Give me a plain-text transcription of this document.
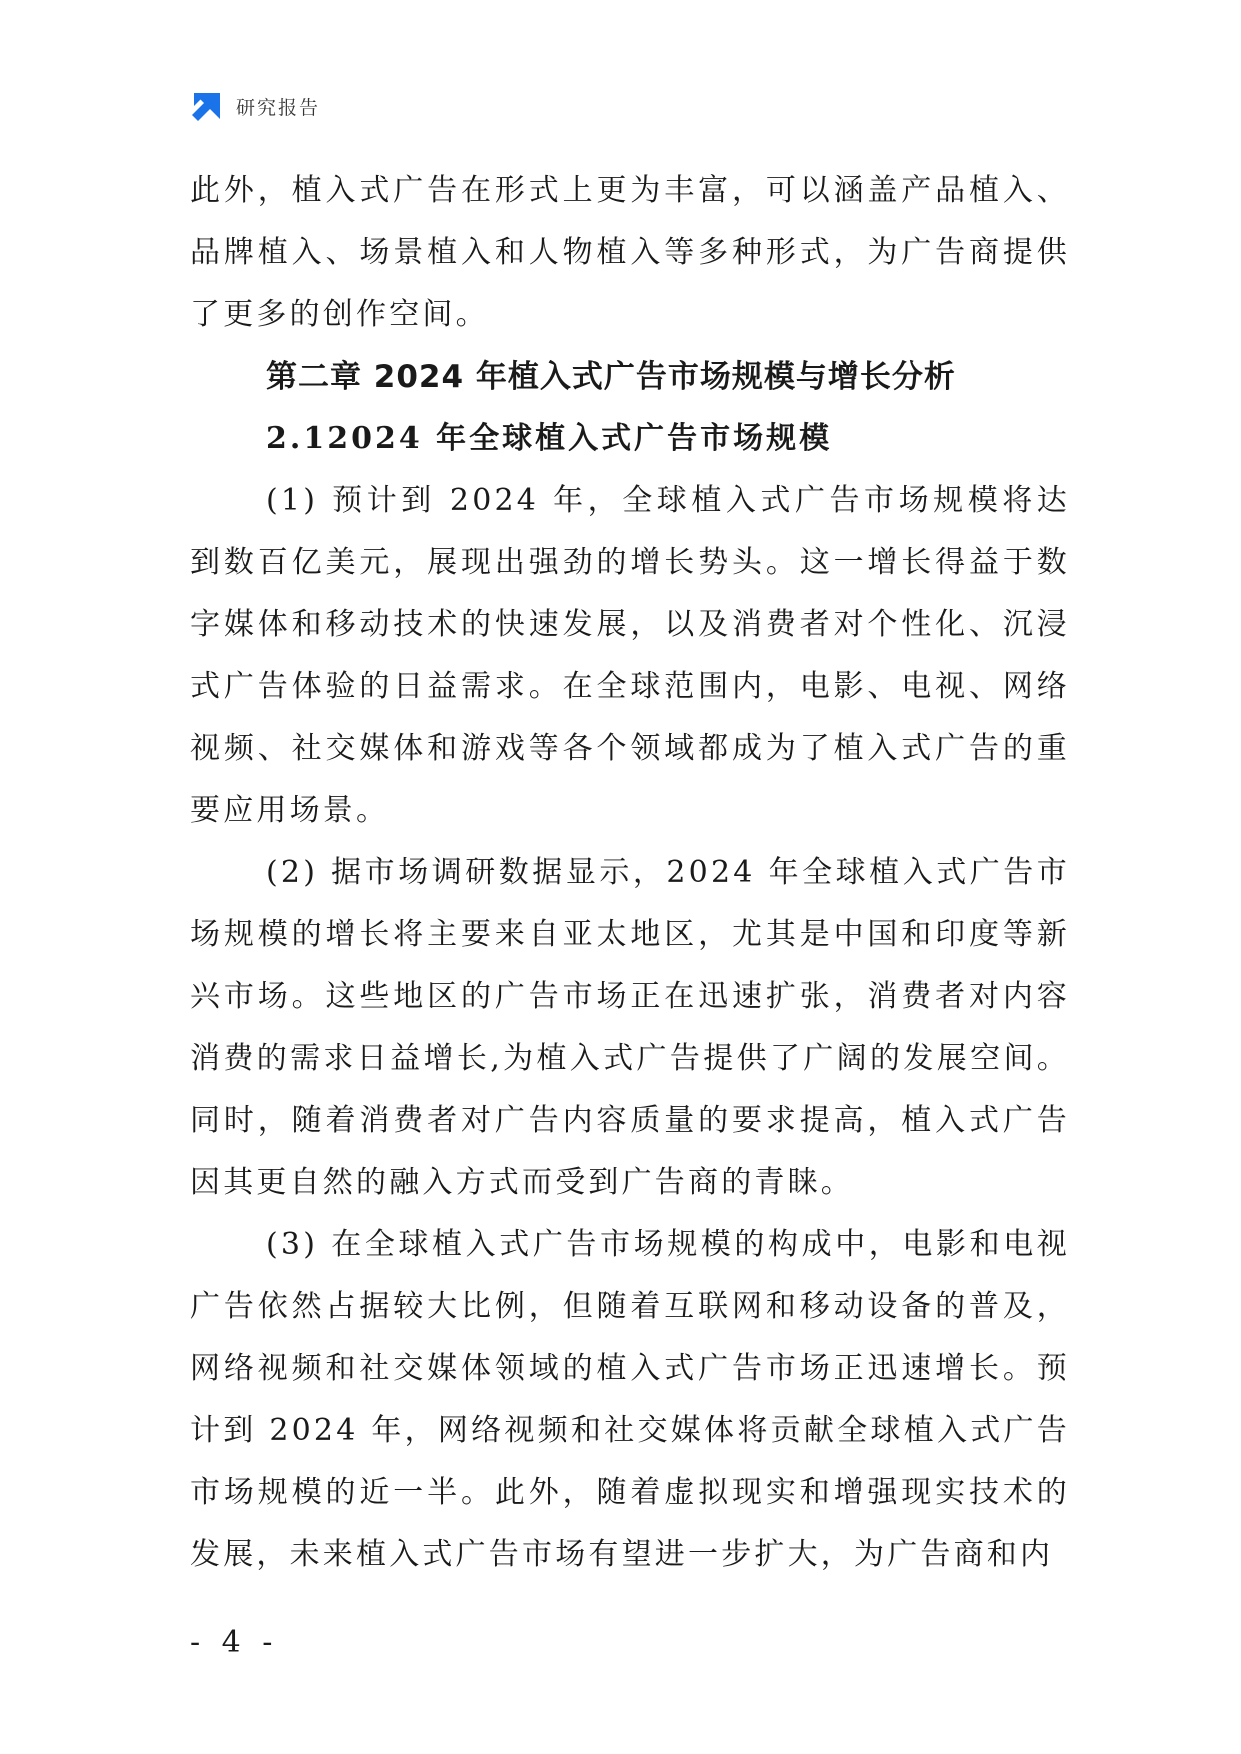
研究报告

此外，植入式广告在形式上更为丰富，可以涵盖产品植入、品牌植入、场景植入和人物植入等多种形式，为广告商提供了更多的创作空间。

第二章 2024 年植入式广告市场规模与增长分析
2.12024 年全球植入式广告市场规模

(1) 预计到 2024 年，全球植入式广告市场规模将达到数百亿美元，展现出强劲的增长势头。这一增长得益于数字媒体和移动技术的快速发展，以及消费者对个性化、沉浸式广告体验的日益需求。在全球范围内，电影、电视、网络视频、社交媒体和游戏等各个领域都成为了植入式广告的重要应用场景。

(2) 据市场调研数据显示，2024 年全球植入式广告市场规模的增长将主要来自亚太地区，尤其是中国和印度等新兴市场。这些地区的广告市场正在迅速扩张，消费者对内容消费的需求日益增长,为植入式广告提供了广阔的发展空间。同时，随着消费者对广告内容质量的要求提高，植入式广告因其更自然的融入方式而受到广告商的青睐。

(3) 在全球植入式广告市场规模的构成中，电影和电视广告依然占据较大比例，但随着互联网和移动设备的普及，网络视频和社交媒体领域的植入式广告市场正迅速增长。预计到 2024 年，网络视频和社交媒体将贡献全球植入式广告市场规模的近一半。此外，随着虚拟现实和增强现实技术的发展，未来植入式广告市场有望进一步扩大，为广告商和内

- 4 -
